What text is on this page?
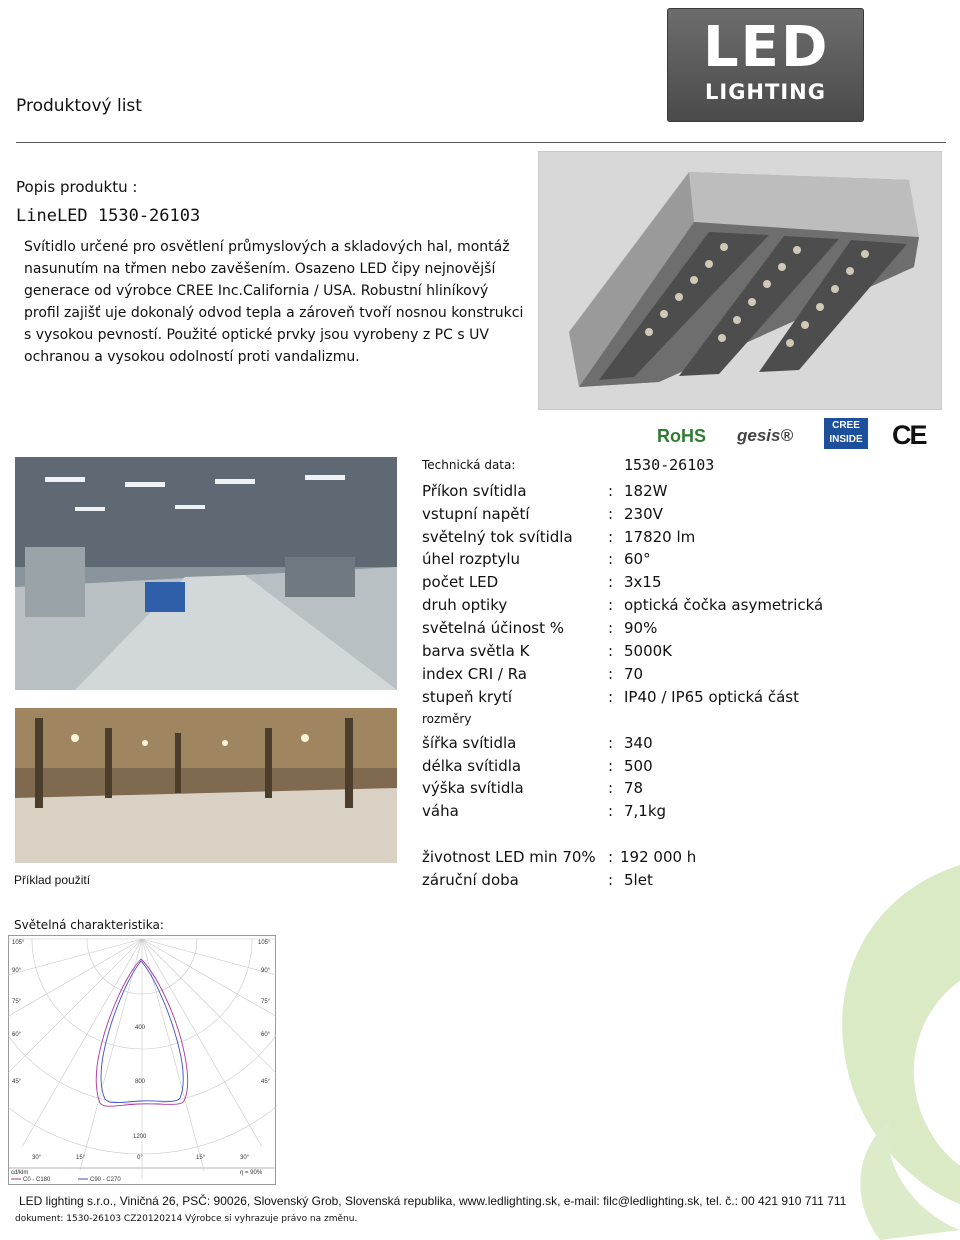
Produktový list
LED
LIGHTING
Popis produktu :
LineLED 1530-26103
Svítidlo určené pro osvětlení průmyslových a skladových hal, montáž nasunutím na třmen nebo zavěšením. Osazeno LED čipy nejnovější generace od výrobce CREE Inc.California / USA. Robustní hliníkový profil zajišť uje dokonalý odvod tepla a zároveň tvoří nosnou konstrukci s vysokou pevností. Použité optické prvky jsou vyrobeny z PC s UV ochranou a vysokou odolností proti vandalizmu.
RoHS gesis®
CREE
INSIDE CE
Příklad použití
Technická data:	1530-26103
Příkon svítidla	: 182W
vstupní napětí	: 230V
světelný tok svítidla : 17820 lm
úhel rozptylu	: 60°
počet LED	: 3x15
druh optiky	: optická čočka asymetrická
světelná účinost %	: 90%
barva světla K	: 5000K
index CRI / Ra	: 70
stupeň krytí	: IP40 / IP65 optická část
rozměry
šířka svítidla	: 340
délka svítidla	: 500
výška svítidla	: 78
váha	: 7,1kg
životnost LED min 70% : 192 000 h
záruční doba	: 5let
Světelná charakteristika:
105°
90°
75°
60°
45°
105°
90°
75°
60°
45°
400
800
1200
30°	15°	0°	15°	30°
cd/klm
C0 - C180	C90 - C270
η = 90%
LED lighting s.r.o., Viničná 26, PSČ: 90026, Slovenský Grob, Slovenská republika, www.ledlighting.sk, e-mail: filc@ledlighting.sk, tel. č.: 00 421 910 711 711
dokument: 1530-26103 CZ20120214 Výrobce si vyhrazuje právo na změnu.
